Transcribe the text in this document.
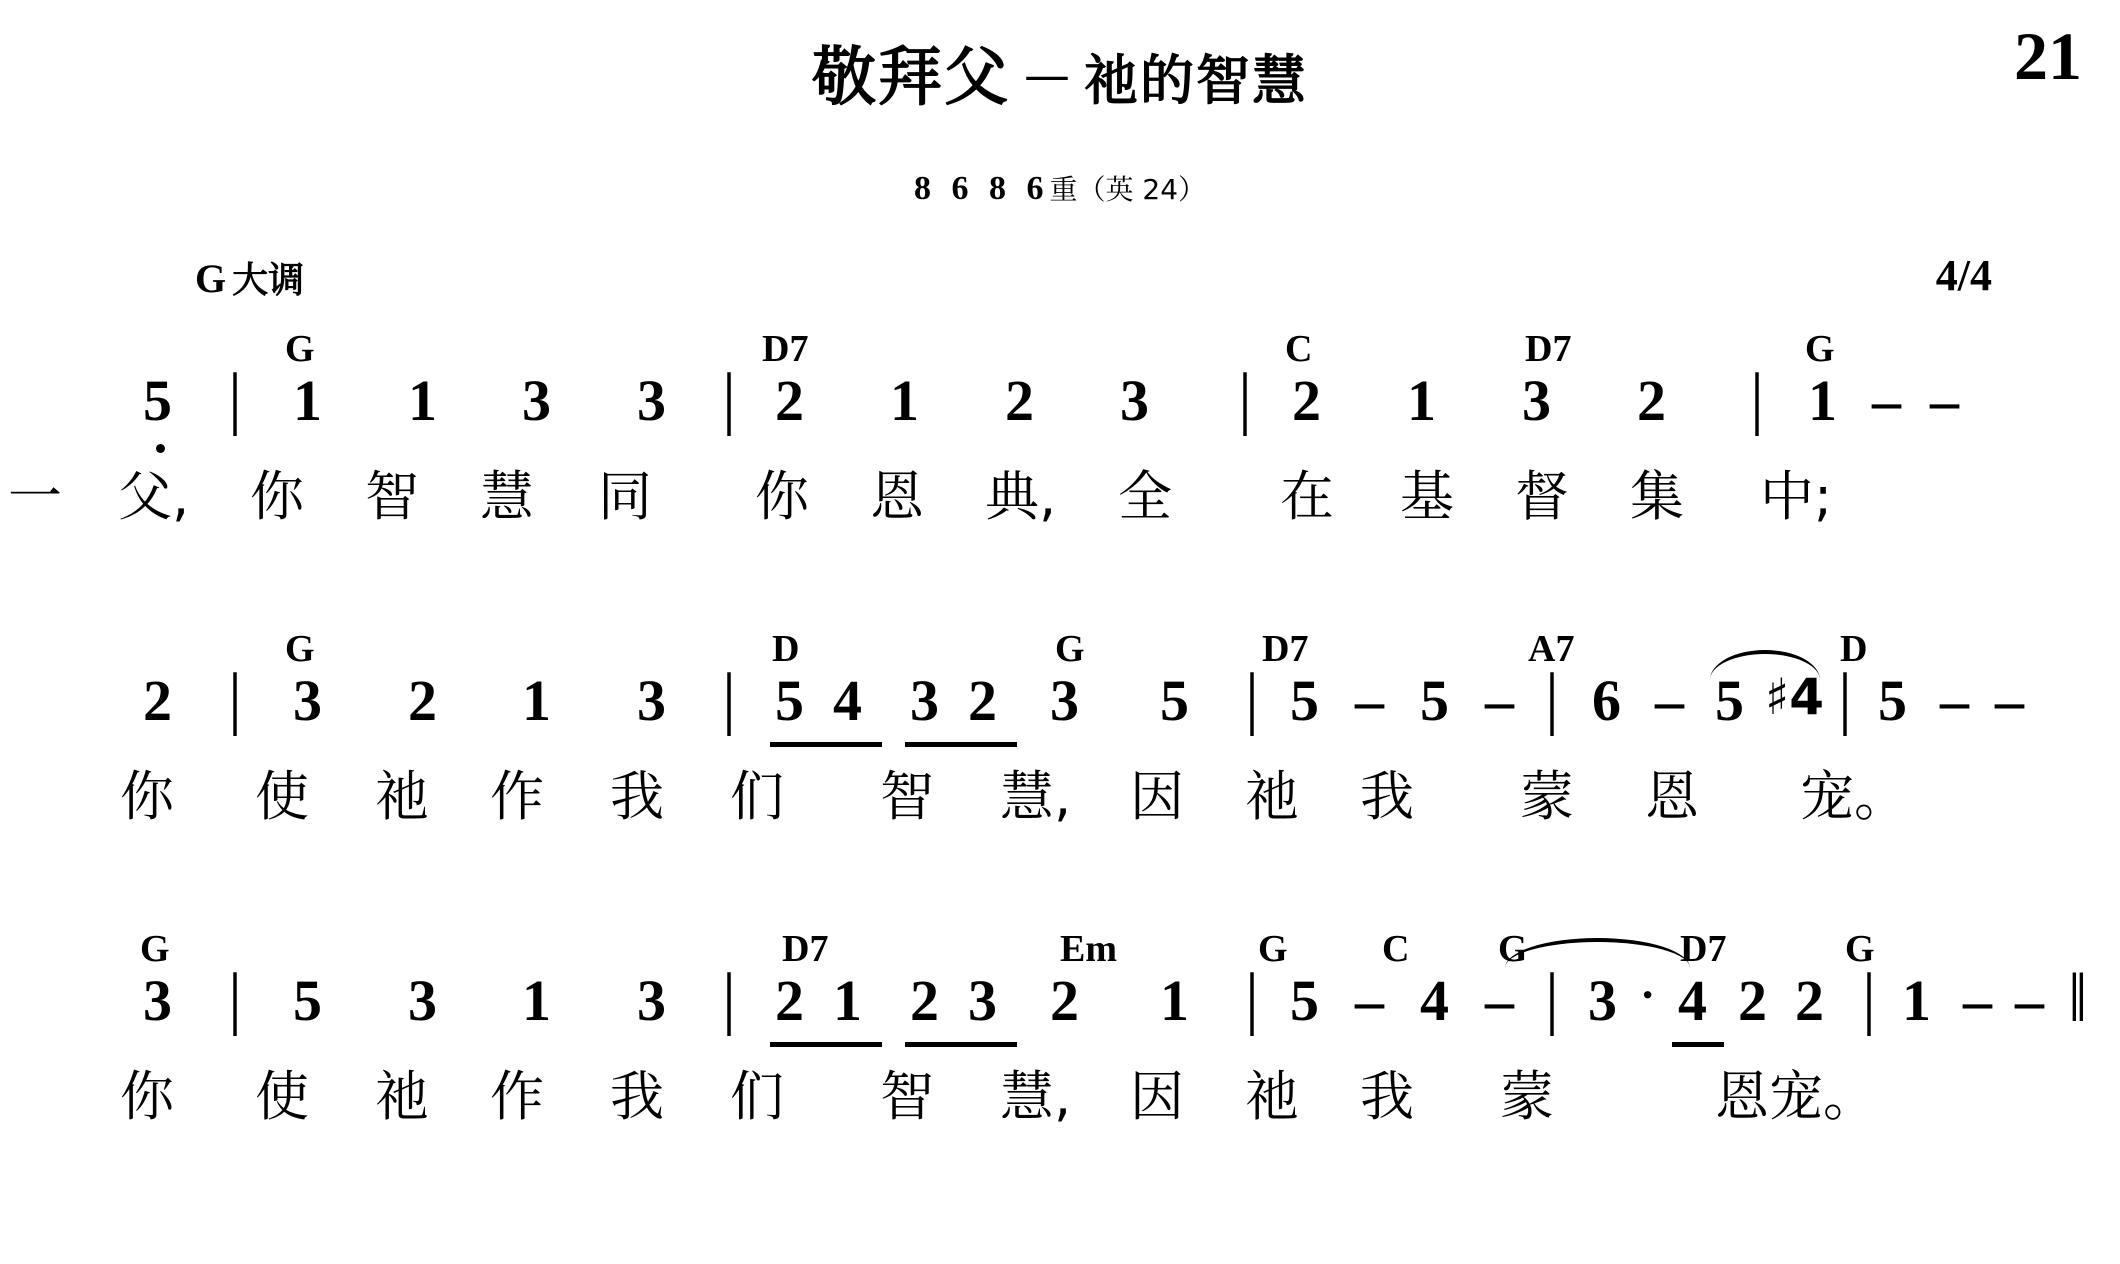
21
敬拜父 — 祂的智慧
8 6 8 6重（英 24）
G 大调	4/4
G	D7	C	D7	G
5 | 1 1 3 3 | 2 1 2 3 | 2 1 3 2 | 1 – –
一 父, 你 智 慧 同 你 恩 典, 全 在 基 督 集 中;
G	D	G	D7	A7	D
2 | 3 2 1 3 | 5 4 3 2 3 5 | 5 – 5 – | 6 – 5 ♯4 | 5 – –
你 使 祂 作 我 们 智 慧, 因 祂 我 蒙 恩 宠。
G	D7	Em	G C G	D7	G
3 | 5 3 1 3 | 2 1 2 3 2 1 | 5 – 4 – | 3 · 4 2 2 | 1 – – ‖
你 使 祂 作 我 们 智 慧, 因 祂 我 蒙	恩宠。
